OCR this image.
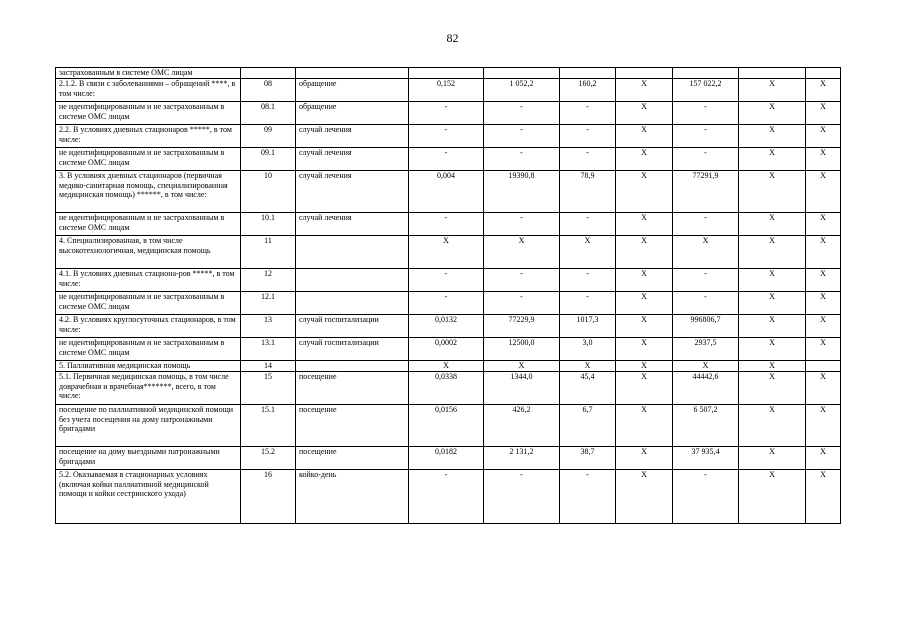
82
застрахованным в системе ОМС лицам									
2.1.2. В связи с заболеваниями – обращений ****, в том числе:	08	обращение	0,152	1 052,2	160,2	Х	157 022,2	Х	Х
не идентифицированным и не застрахованным в системе ОМС лицам	08.1	обращение	-	-	-	Х	-	Х	Х
2.2. В условиях дневных стационаров *****, в том числе:	09	случай лечения	-	-	-	Х	-	Х	Х
не идентифицированным и не застрахованным в системе ОМС лицам	09.1	случай лечения	-	-	-	Х	-	Х	Х
3. В условиях дневных стационаров (первичная медико-санитарная помощь, специализированная медицинская помощь) ******, в том числе:	10	случай лечения	0,004	19390,8	78,9	Х	77291,9	Х	Х
не идентифицированным и не застрахованным в системе ОМС лицам	10.1	случай лечения	-	-	-	Х	-	Х	Х
4. Специализированная, в том числе высокотехнологичная, медицинская помощь	11		Х	Х	Х	Х	Х	Х	Х
4.1. В условиях дневных стациона-ров *****, в том числе:	12		-	-	-	Х	-	Х	Х
не идентифицированным и не застрахованным в системе ОМС лицам	12.1		-	-	-	Х	-	Х	Х
4.2. В условиях круглосуточных стационаров, в том числе:	13	случай госпитализации	0,0132	77229,9	1017,3	Х	996806,7	Х	Х
не идентифицированным и не застрахованным в системе ОМС лицам	13.1	случай госпитализации	0,0002	12500,0	3,0	Х	2937,5	Х	Х
5. Паллиативная медицинская помощь	14		Х	Х	Х	Х	Х	Х	
5.1. Первичная медицинская помощь, в том числе доврачебная и врачебная*******, всего, в том числе:	15	посещение	0,0338	1344,0	45,4	Х	44442,6	Х	Х
посещение по паллиативной медицинской помощи без учета посещения на дому патронажными бригадами	15.1	посещение	0,0156	426,2	6,7	Х	6 507,2	Х	Х
посещение на дому выездными патронажными бригадами	15.2	посещение	0,0182	2 131,2	38,7	Х	37 935,4	Х	Х
5.2. Оказываемая в стационарных условиях (включая койки паллиативной медицинской помощи и койки сестринского ухода)	16	койко-день	-	-	-	Х	-	Х	Х
